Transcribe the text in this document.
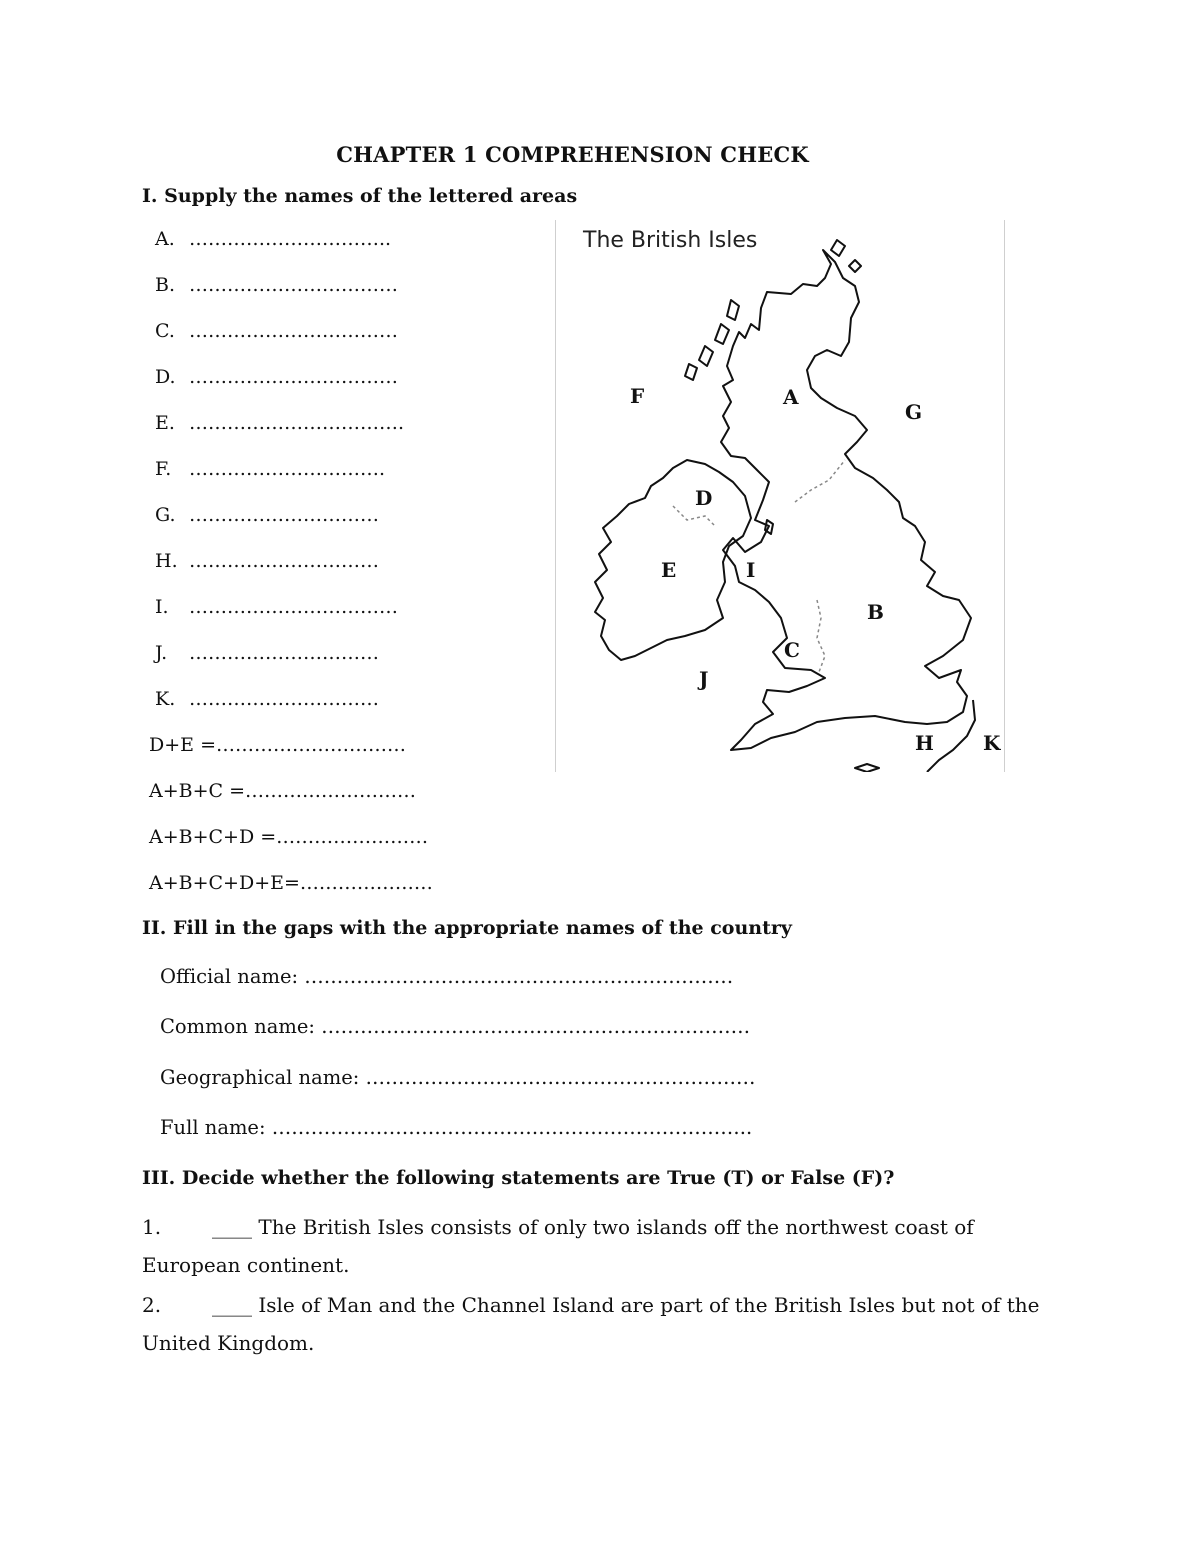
CHAPTER 1 COMPREHENSION CHECK
I. Supply the names of the lettered areas
A. …………………………..
B. ……………………………
C. ……………………………
D. ……………………………
E. …………………………….
F. ………………………….
G. …………………………
H. …………………………
I. ……………………………
J. …………………………
K. …………………………
D+E =…………………………
A+B+C =………………………
A+B+C+D =……………………
A+B+C+D+E=…………………
The British Isles
F	A
G
D
E	I
B
C
J
H K
II. Fill in the gaps with the appropriate names of the country
Official name: …………………………………………………………
Common name: …………………………………………………………
Geographical name: ……………………………………………………
Full name: ………………………………………………………………..
III. Decide whether the following statements are True (T) or False (F)?
1.	____ The British Isles consists of only two islands off the northwest coast of European continent.
2.	____ Isle of Man and the Channel Island are part of the British Isles but not of the United Kingdom.
